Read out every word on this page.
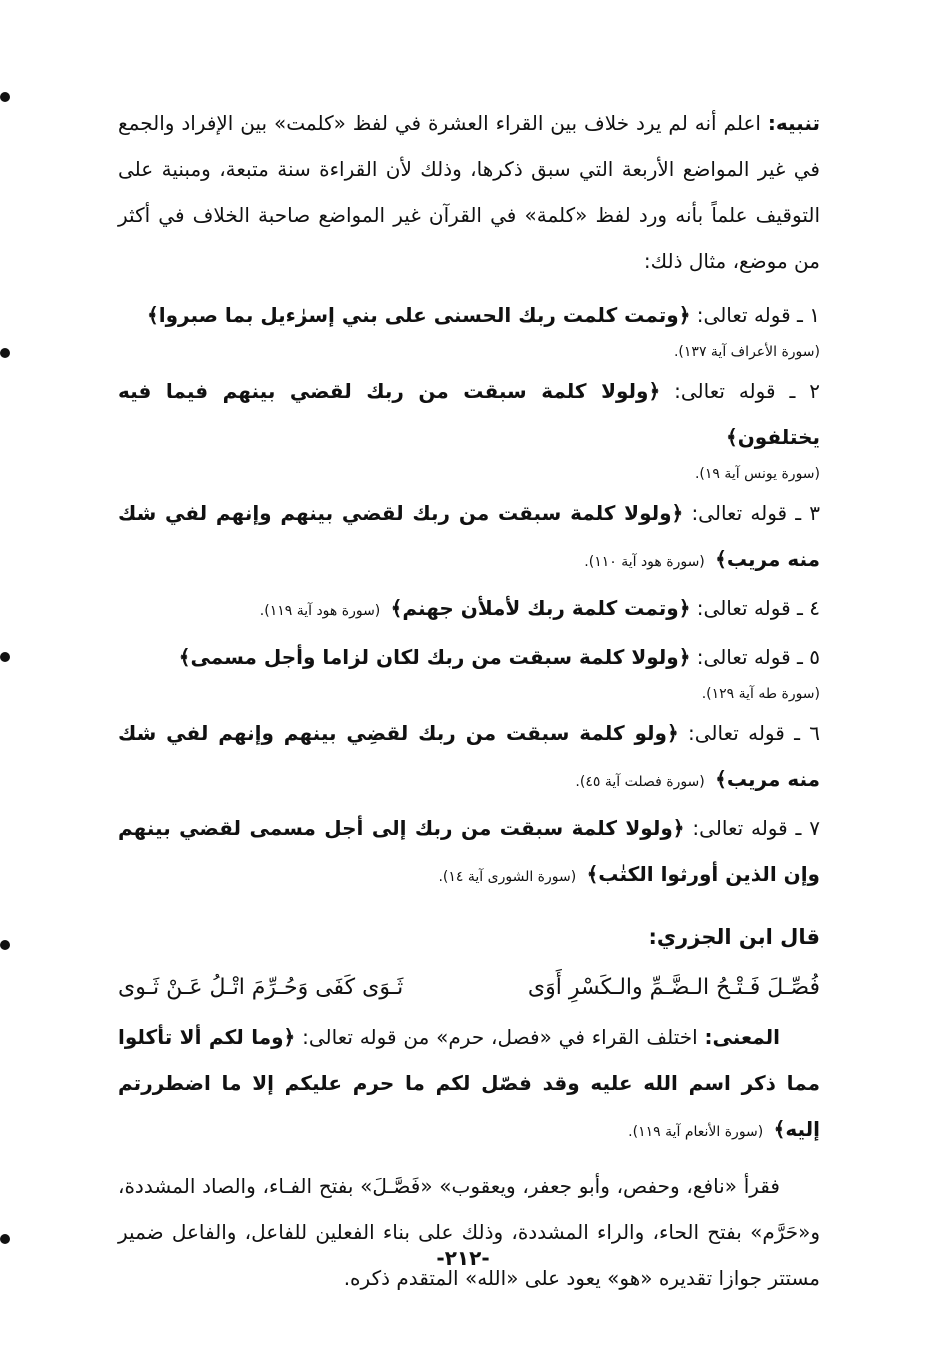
تنبيه: اعلم أنه لم يرد خلاف بين القراء العشرة في لفظ «كلمت» بين الإفراد والجمع في غير المواضع الأربعة التي سبق ذكرها، وذلك لأن القراءة سنة متبعة، ومبنية على التوقيف علماً بأنه ورد لفظ «كلمة» في القرآن غير المواضع صاحبة الخلاف في أكثر من موضع، مثال ذلك:

١ ـ قوله تعالى: ﴿وتمت كلمت ربك الحسنى على بني إسرٰءيل بما صبروا﴾
(سورة الأعراف آية ١٣٧).
٢ ـ قوله تعالى: ﴿ولولا كلمة سبقت من ربك لقضي بينهم فيما فيه يختلفون﴾
(سورة يونس آية ١٩).
٣ ـ قوله تعالى: ﴿ولولا كلمة سبقت من ربك لقضي بينهم وإنهم لفي شك منه مريب﴾ (سورة هود آية ١١٠).
٤ ـ قوله تعالى: ﴿وتمت كلمة ربك لأملأن جهنم﴾ (سورة هود آية ١١٩).
٥ ـ قوله تعالى: ﴿ولولا كلمة سبقت من ربك لكان لزاما وأجل مسمى﴾
(سورة طه آية ١٢٩).
٦ ـ قوله تعالى: ﴿ولو كلمة سبقت من ربك لقضِي بينهم وإنهم لفي شك منه مريب﴾ (سورة فصلت آية ٤٥).
٧ ـ قوله تعالى: ﴿ولولا كلمة سبقت من ربك إلى أجل مسمى لقضي بينهم وإن الذين أورثوا الكتٰب﴾ (سورة الشورى آية ١٤).
قال ابن الجزري:
فُصِّـلَ فَـتْـحُ الـضَّـمِّ والـكَسْرِ أَوَى
ثَـوَى كَفَى وَحُـرِّمَ اتْـلُ عَـنْ ثَـوى

المعنى: اختلف القراء في «فصل، حرم» من قوله تعالى: ﴿وما لكم ألا تأكلوا مما ذكر اسم الله عليه وقد فصّل لكم ما حرم عليكم إلا ما اضطررتم إليه﴾ (سورة الأنعام آية ١١٩).

فقرأ «نافع، وحفص، وأبو جعفر، ويعقوب» «فَصَّـلَ» بفتح الفـاء، والصاد المشددة، و«حَرَّم» بفتح الحاء، والراء المشددة، وذلك على بناء الفعلين للفاعل، والفاعل ضمير مستتر جوازا تقديره «هو» يعود على «الله» المتقدم ذكره.

-٢١٢-
